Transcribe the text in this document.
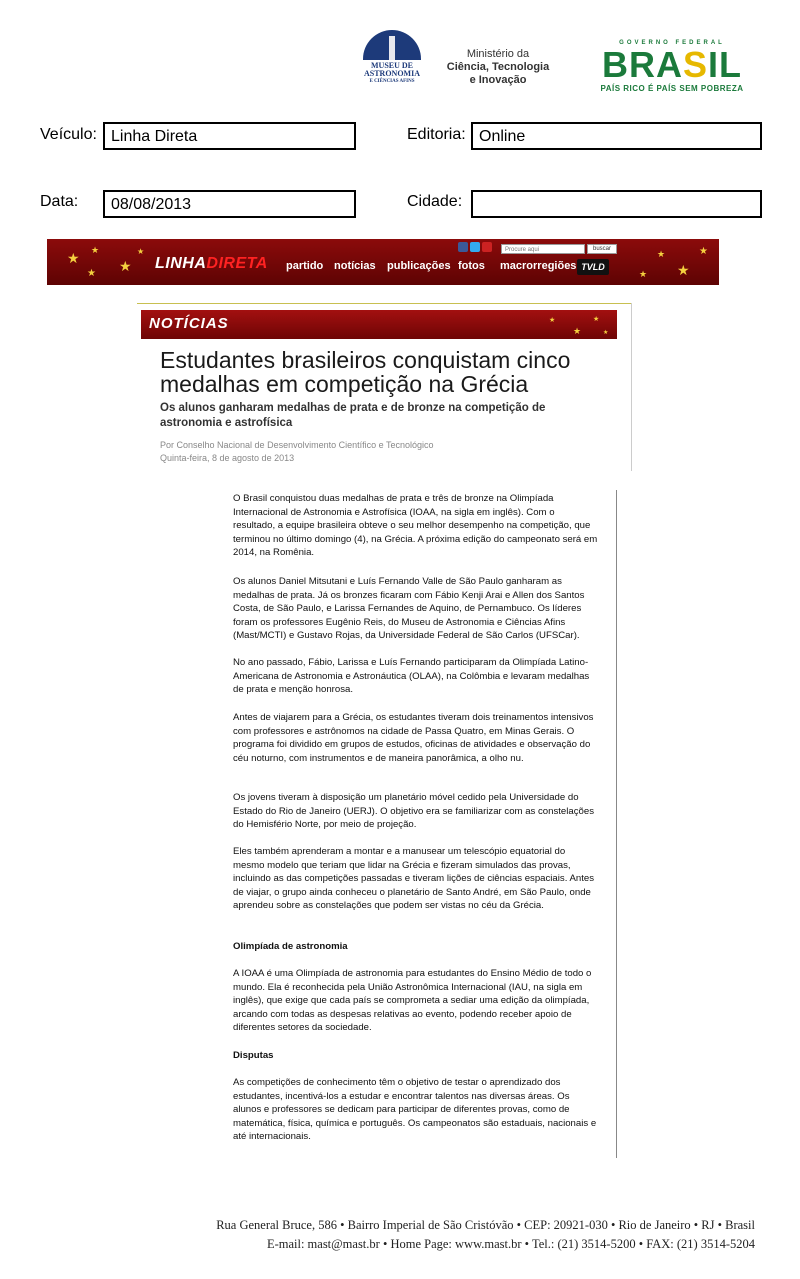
MUSEU DE
ASTRONOMIA
E CIÊNCIAS AFINS
Ministério da
Ciência, Tecnologia
e Inovação
GOVERNO FEDERAL
BRASIL
PAÍS RICO É PAÍS SEM POBREZA
Veículo: Linha Direta	Editoria: Online
Data:	08/08/2013	Cidade:
★ ★
★ ★
★	★
★
★
★
LINHADIRETA partido notícias publicações fotos macrorregiões
Procure aqui	buscar
TVLD
NOTÍCIAS	★
★
★
★
Estudantes brasileiros conquistam cinco medalhas em competição na Grécia
Os alunos ganharam medalhas de prata e de bronze na competição de astronomia e astrofísica
Por Conselho Nacional de Desenvolvimento Científico e Tecnológico
Quinta-feira, 8 de agosto de 2013

O Brasil conquistou duas medalhas de prata e três de bronze na Olimpíada Internacional de Astronomia e Astrofísica (IOAA, na sigla em inglês). Com o resultado, a equipe brasileira obteve o seu melhor desempenho na competição, que terminou no último domingo (4), na Grécia. A próxima edição do campeonato será em 2014, na Romênia.

Os alunos Daniel Mitsutani e Luís Fernando Valle de São Paulo ganharam as medalhas de prata. Já os bronzes ficaram com Fábio Kenji Arai e Allen dos Santos Costa, de São Paulo, e Larissa Fernandes de Aquino, de Pernambuco. Os líderes foram os professores Eugênio Reis, do Museu de Astronomia e Ciências Afins (Mast/MCTI) e Gustavo Rojas, da Universidade Federal de São Carlos (UFSCar).

No ano passado, Fábio, Larissa e Luís Fernando participaram da Olimpíada Latino-Americana de Astronomia e Astronáutica (OLAA), na Colômbia e levaram medalhas de prata e menção honrosa.

Antes de viajarem para a Grécia, os estudantes tiveram dois treinamentos intensivos com professores e astrônomos na cidade de Passa Quatro, em Minas Gerais. O programa foi dividido em grupos de estudos, oficinas de atividades e observação do céu noturno, com instrumentos e de maneira panorâmica, a olho nu.

Os jovens tiveram à disposição um planetário móvel cedido pela Universidade do Estado do Rio de Janeiro (UERJ). O objetivo era se familiarizar com as constelações do Hemisfério Norte, por meio de projeção.

Eles também aprenderam a montar e a manusear um telescópio equatorial do mesmo modelo que teriam que lidar na Grécia e fizeram simulados das provas, incluindo as das competições passadas e tiveram lições de ciências espaciais. Antes de viajar, o grupo ainda conheceu o planetário de Santo André, em São Paulo, onde aprendeu sobre as constelações que podem ser vistas no céu da Grécia.

Olimpíada de astronomia

A IOAA é uma Olimpíada de astronomia para estudantes do Ensino Médio de todo o mundo. Ela é reconhecida pela União Astronômica Internacional (IAU, na sigla em inglês), que exige que cada país se comprometa a sediar uma edição da olimpíada, arcando com todas as despesas relativas ao evento, podendo receber apoio de diferentes setores da sociedade.

Disputas

As competições de conhecimento têm o objetivo de testar o aprendizado dos estudantes, incentivá-los a estudar e encontrar talentos nas diversas áreas. Os alunos e professores se dedicam para participar de diferentes provas, como de matemática, física, química e português. Os campeonatos são estaduais, nacionais e até internacionais.

Rua General Bruce, 586 • Bairro Imperial de São Cristóvão • CEP: 20921-030 • Rio de Janeiro • RJ • Brasil
E-mail: mast@mast.br • Home Page: www.mast.br • Tel.: (21) 3514-5200 • FAX: (21) 3514-5204
